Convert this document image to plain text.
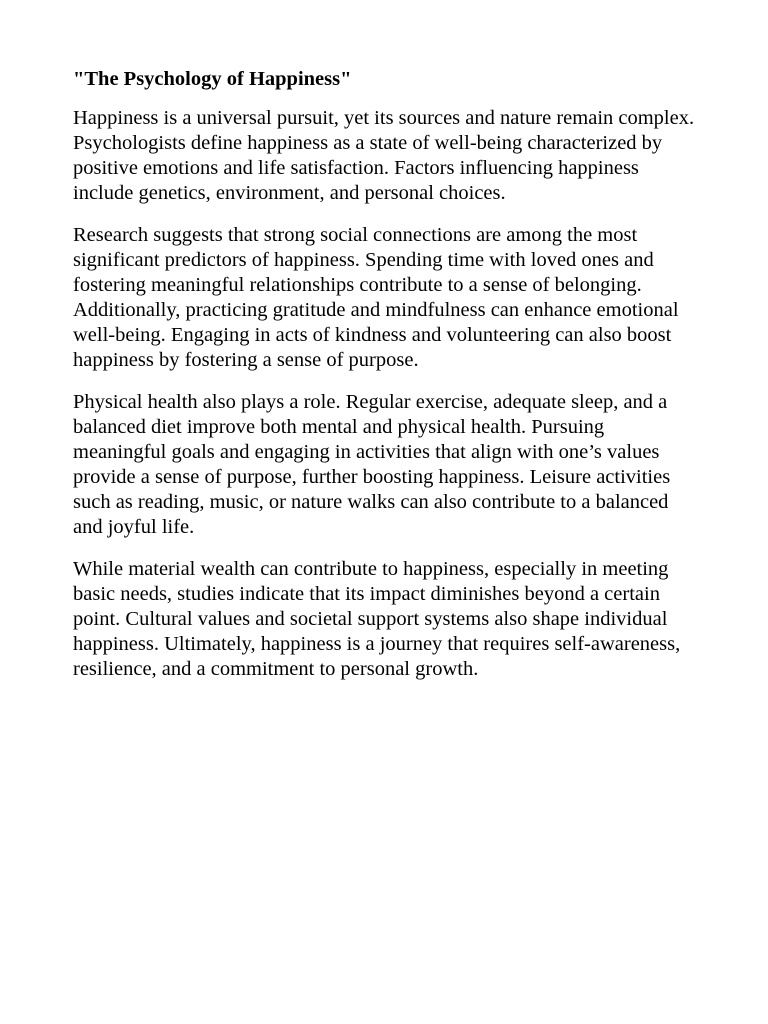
"The Psychology of Happiness"

Happiness is a universal pursuit, yet its sources and nature remain complex. Psychologists define happiness as a state of well-being characterized by positive emotions and life satisfaction. Factors influencing happiness include genetics, environment, and personal choices.

Research suggests that strong social connections are among the most significant predictors of happiness. Spending time with loved ones and fostering meaningful relationships contribute to a sense of belonging. Additionally, practicing gratitude and mindfulness can enhance emotional well-being. Engaging in acts of kindness and volunteering can also boost happiness by fostering a sense of purpose.

Physical health also plays a role. Regular exercise, adequate sleep, and a balanced diet improve both mental and physical health. Pursuing meaningful goals and engaging in activities that align with one’s values provide a sense of purpose, further boosting happiness. Leisure activities such as reading, music, or nature walks can also contribute to a balanced and joyful life.

While material wealth can contribute to happiness, especially in meeting basic needs, studies indicate that its impact diminishes beyond a certain point. Cultural values and societal support systems also shape individual happiness. Ultimately, happiness is a journey that requires self-awareness, resilience, and a commitment to personal growth.
